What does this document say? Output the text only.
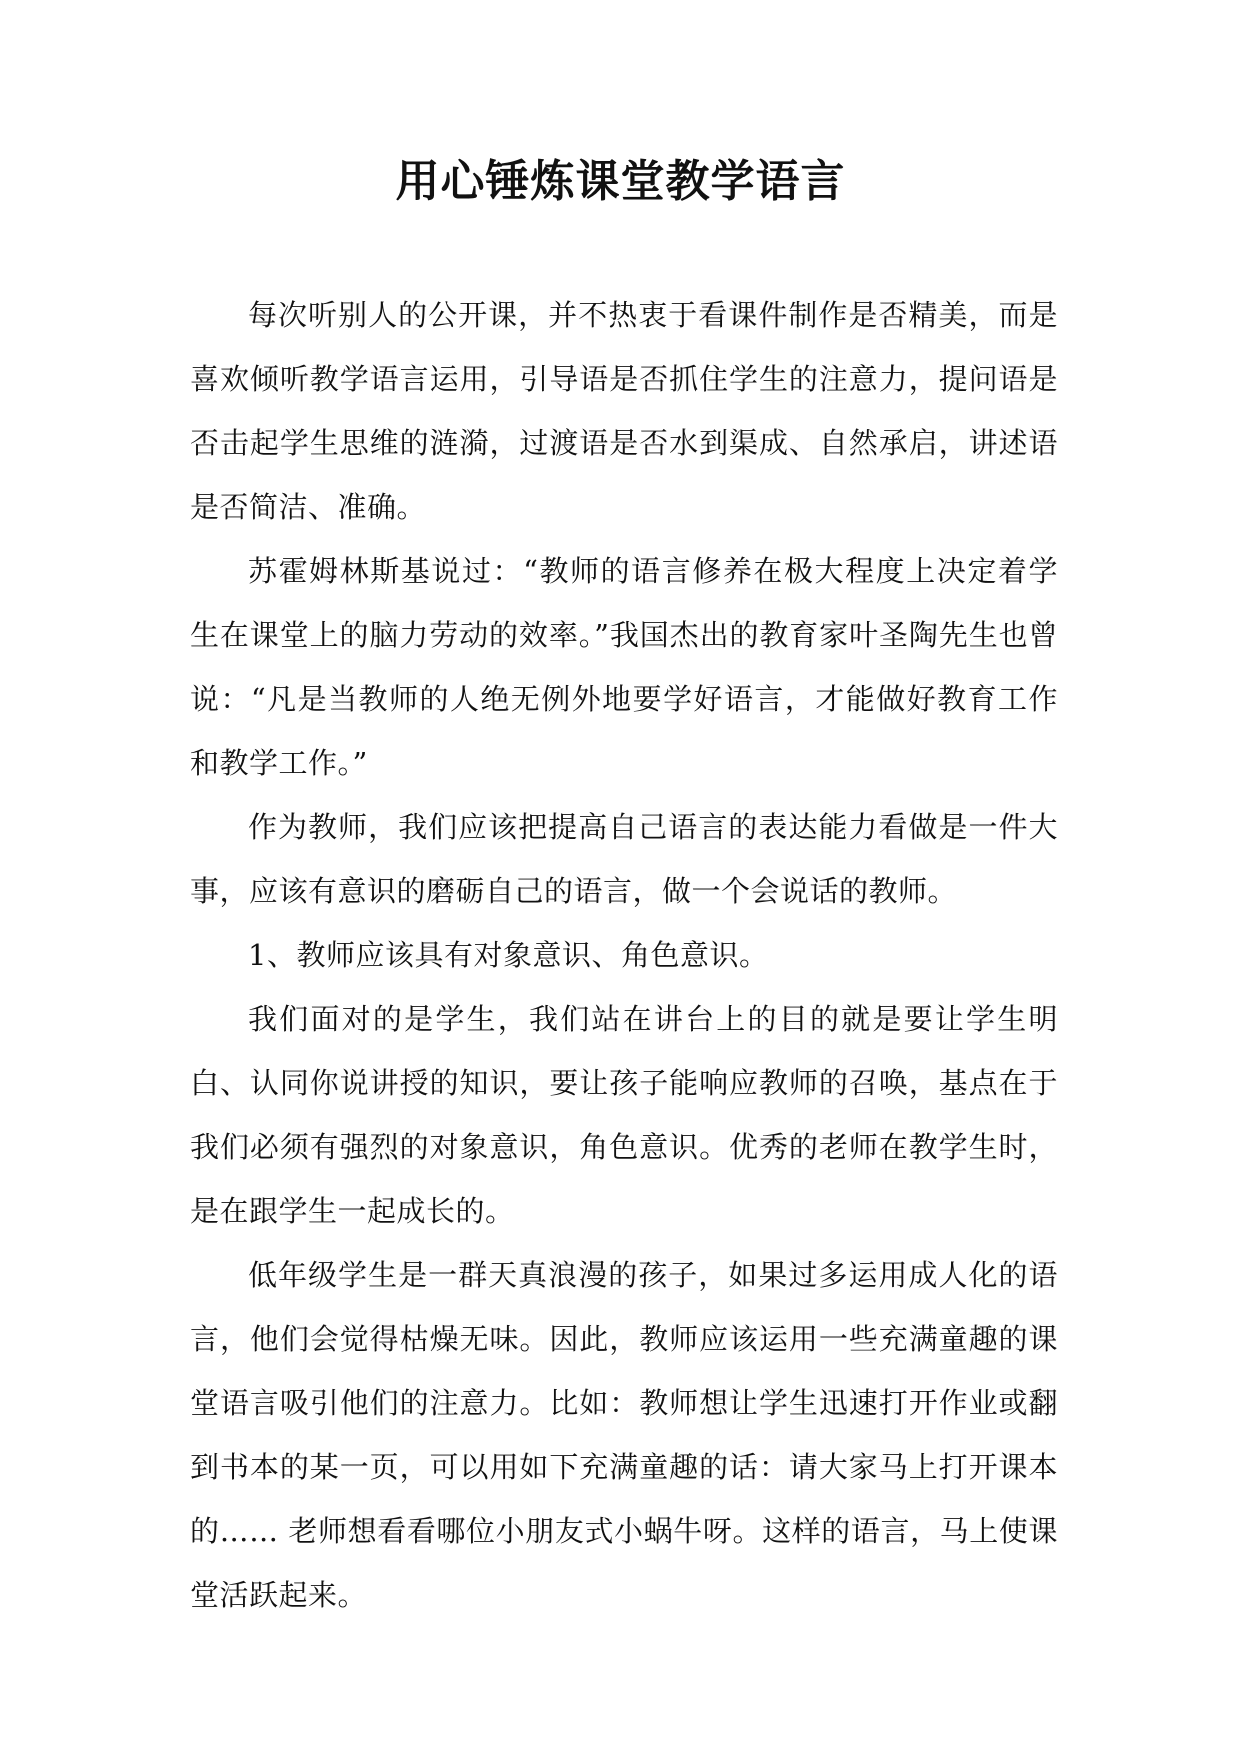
用心锤炼课堂教学语言

每次听别人的公开课，并不热衷于看课件制作是否精美，而是喜欢倾听教学语言运用，引导语是否抓住学生的注意力，提问语是否击起学生思维的涟漪，过渡语是否水到渠成、自然承启，讲述语是否简洁、准确。

苏霍姆林斯基说过：“教师的语言修养在极大程度上决定着学生在课堂上的脑力劳动的效率。”我国杰出的教育家叶圣陶先生也曾说：“凡是当教师的人绝无例外地要学好语言，才能做好教育工作和教学工作。”

作为教师，我们应该把提高自己语言的表达能力看做是一件大事，应该有意识的磨砺自己的语言，做一个会说话的教师。

1、教师应该具有对象意识、角色意识。

我们面对的是学生，我们站在讲台上的目的就是要让学生明白、认同你说讲授的知识，要让孩子能响应教师的召唤，基点在于我们必须有强烈的对象意识，角色意识。优秀的老师在教学生时，是在跟学生一起成长的。

低年级学生是一群天真浪漫的孩子，如果过多运用成人化的语言，他们会觉得枯燥无味。因此，教师应该运用一些充满童趣的课堂语言吸引他们的注意力。比如：教师想让学生迅速打开作业或翻到书本的某一页，可以用如下充满童趣的话：请大家马上打开课本的…… 老师想看看哪位小朋友式小蜗牛呀。这样的语言，马上使课堂活跃起来。
